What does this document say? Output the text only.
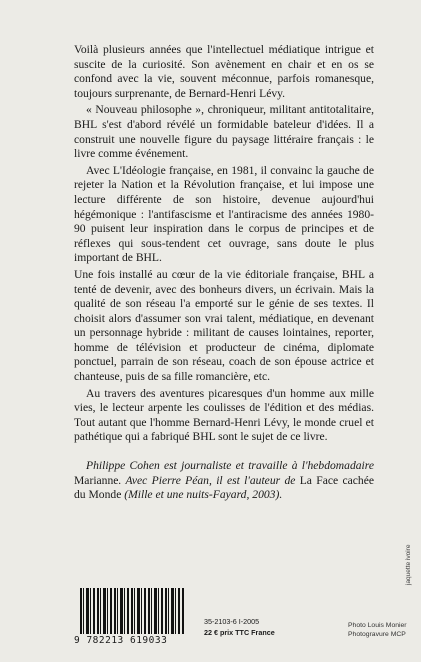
Voilà plusieurs années que l'intellectuel médiatique intrigue et suscite de la curiosité. Son avènement en chair et en os se confond avec la vie, souvent méconnue, parfois romanesque, toujours surprenante, de Bernard-Henri Lévy.

« Nouveau philosophe », chroniqueur, militant antitotalitaire, BHL s'est d'abord révélé un formidable bateleur d'idées. Il a construit une nouvelle figure du paysage littéraire français : le livre comme événement.

Avec L'Idéologie française, en 1981, il convainc la gauche de rejeter la Nation et la Révolution française, et lui impose une lecture différente de son histoire, devenue aujourd'hui hégémonique : l'antifascisme et l'antiracisme des années 1980-90 puisent leur inspiration dans le corpus de principes et de réflexes qui sous-tendent cet ouvrage, sans doute le plus important de BHL.

Une fois installé au cœur de la vie éditoriale française, BHL a tenté de devenir, avec des bonheurs divers, un écrivain. Mais la qualité de son réseau l'a emporté sur le génie de ses textes. Il choisit alors d'assumer son vrai talent, médiatique, en devenant un personnage hybride : militant de causes lointaines, reporter, homme de télévision et producteur de cinéma, diplomate ponctuel, parrain de son réseau, coach de son épouse actrice et chanteuse, puis de sa fille romancière, etc.

Au travers des aventures picaresques d'un homme aux mille vies, le lecteur arpente les coulisses de l'édition et des médias. Tout autant que l'homme Bernard-Henri Lévy, le monde cruel et pathétique qui a fabriqué BHL sont le sujet de ce livre.

Philippe Cohen est journaliste et travaille à l'hebdomadaire Marianne. Avec Pierre Péan, il est l'auteur de La Face cachée du Monde (Mille et une nuits-Fayard, 2003).

9 782213 619033
35-2103-6 I-2005
22 € prix TTC France
Photo Louis Monier
Photogravure MCP
jaquette ivoire
